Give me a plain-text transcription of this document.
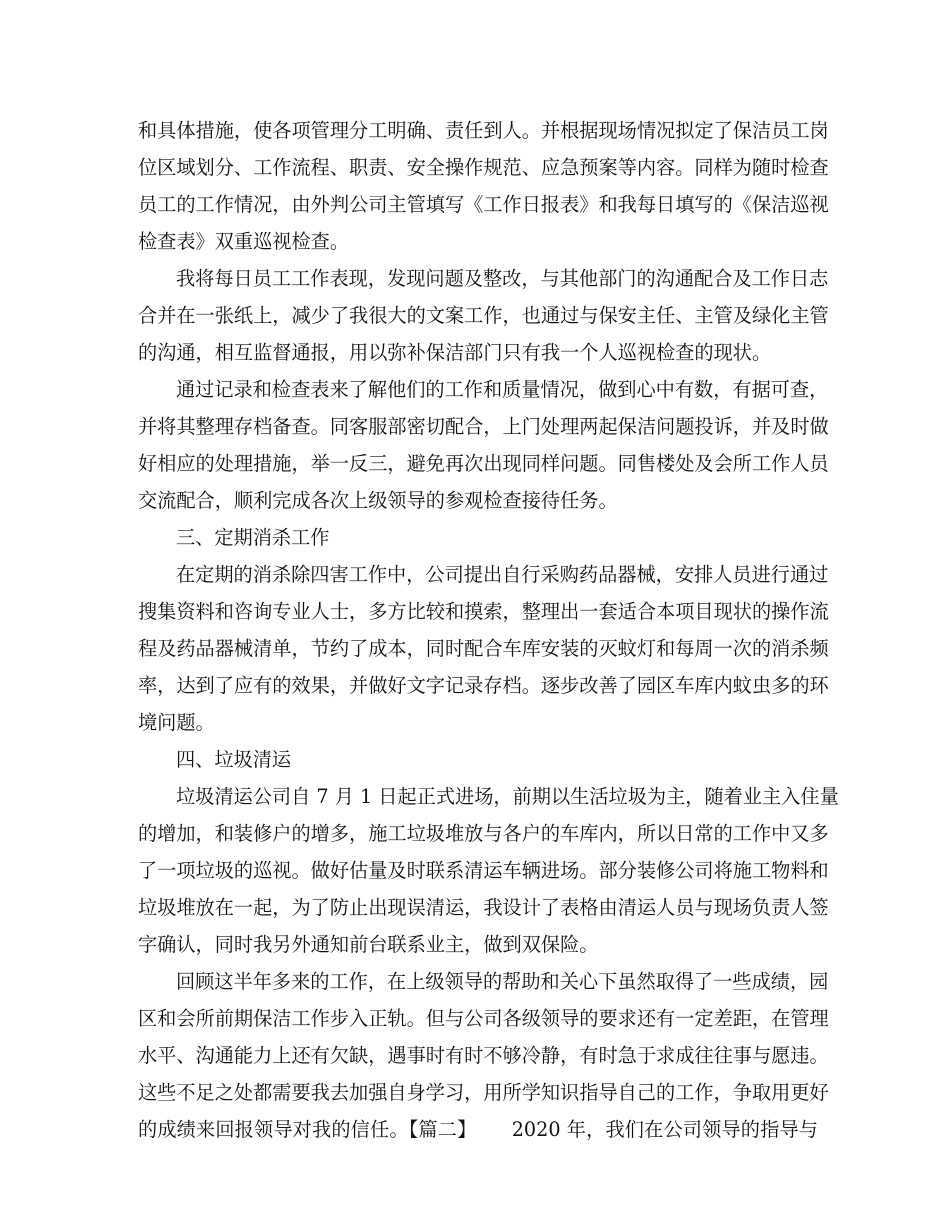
和具体措施，使各项管理分工明确、责任到人。并根据现场情况拟定了保洁员工岗
位区域划分、工作流程、职责、安全操作规范、应急预案等内容。同样为随时检查
员工的工作情况，由外判公司主管填写《工作日报表》和我每日填写的《保洁巡视
检查表》双重巡视检查。
我将每日员工工作表现，发现问题及整改，与其他部门的沟通配合及工作日志
合并在一张纸上，减少了我很大的文案工作，也通过与保安主任、主管及绿化主管
的沟通，相互监督通报，用以弥补保洁部门只有我一个人巡视检查的现状。
通过记录和检查表来了解他们的工作和质量情况，做到心中有数，有据可查，
并将其整理存档备查。同客服部密切配合，上门处理两起保洁问题投诉，并及时做
好相应的处理措施，举一反三，避免再次出现同样问题。同售楼处及会所工作人员
交流配合，顺利完成各次上级领导的参观检查接待任务。
三、定期消杀工作
在定期的消杀除四害工作中，公司提出自行采购药品器械，安排人员进行通过
搜集资料和咨询专业人士，多方比较和摸索，整理出一套适合本项目现状的操作流
程及药品器械清单，节约了成本，同时配合车库安装的灭蚊灯和每周一次的消杀频
率，达到了应有的效果，并做好文字记录存档。逐步改善了园区车库内蚊虫多的环
境问题。
四、垃圾清运
垃圾清运公司自 7 月 1 日起正式进场，前期以生活垃圾为主，随着业主入住量
的增加，和装修户的增多，施工垃圾堆放与各户的车库内，所以日常的工作中又多
了一项垃圾的巡视。做好估量及时联系清运车辆进场。部分装修公司将施工物料和
垃圾堆放在一起，为了防止出现误清运，我设计了表格由清运人员与现场负责人签
字确认，同时我另外通知前台联系业主，做到双保险。
回顾这半年多来的工作，在上级领导的帮助和关心下虽然取得了一些成绩，园
区和会所前期保洁工作步入正轨。但与公司各级领导的要求还有一定差距，在管理
水平、沟通能力上还有欠缺，遇事时有时不够冷静，有时急于求成往往事与愿违。
这些不足之处都需要我去加强自身学习，用所学知识指导自己的工作，争取用更好
的成绩来回报领导对我的信任。【篇二】　　 2020 年，我们在公司领导的指导与
